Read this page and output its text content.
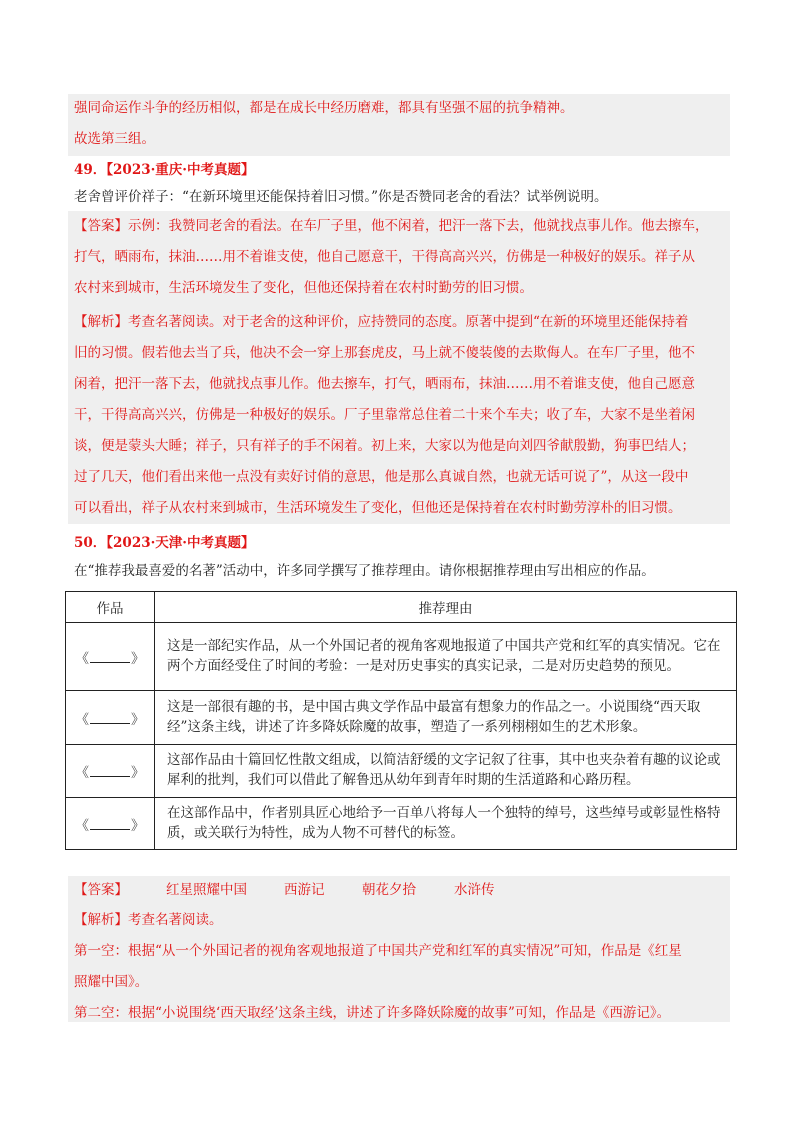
强同命运作斗争的经历相似，都是在成长中经历磨难，都具有坚强不屈的抗争精神。
故选第三组。
49．【2023·重庆·中考真题】
老舍曾评价祥子：“在新环境里还能保持着旧习惯。”你是否赞同老舍的看法？试举例说明。
【答案】示例：我赞同老舍的看法。在车厂子里，他不闲着，把汗一落下去，他就找点事儿作。他去擦车，
打气，晒雨布，抹油……用不着谁支使，他自己愿意干，干得高高兴兴，仿佛是一种极好的娱乐。祥子从
农村来到城市，生活环境发生了变化，但他还保持着在农村时勤劳的旧习惯。
【解析】考查名著阅读。对于老舍的这种评价，应持赞同的态度。原著中提到“在新的环境里还能保持着
旧的习惯。假若他去当了兵，他决不会一穿上那套虎皮，马上就不傻装傻的去欺侮人。在车厂子里，他不
闲着，把汗一落下去，他就找点事儿作。他去擦车，打气，晒雨布，抹油……用不着谁支使，他自己愿意
干，干得高高兴兴，仿佛是一种极好的娱乐。厂子里靠常总住着二十来个车夫；收了车，大家不是坐着闲
谈，便是蒙头大睡；祥子，只有祥子的手不闲着。初上来，大家以为他是向刘四爷献殷勤，狗事巴结人；
过了几天，他们看出来他一点没有卖好讨俏的意思，他是那么真诚自然，也就无话可说了”，从这一段中
可以看出，祥子从农村来到城市，生活环境发生了变化，但他还是保持着在农村时勤劳淳朴的旧习惯。
50．【2023·天津·中考真题】
在“推荐我最喜爱的名著”活动中，许多同学撰写了推荐理由。请你根据推荐理由写出相应的作品。
作品	推荐理由
《 》	这是一部纪实作品，从一个外国记者的视角客观地报道了中国共产党和红军的真实情况。它在两个方面经受住了时间的考验：一是对历史事实的真实记录，二是对历史趋势的预见。
《 》	这是一部很有趣的书，是中国古典文学作品中最富有想象力的作品之一。小说围绕“西天取经”这条主线，讲述了许多降妖除魔的故事，塑造了一系列栩栩如生的艺术形象。
《 》	这部作品由十篇回忆性散文组成，以简洁舒缓的文字记叙了往事，其中也夹杂着有趣的议论或犀利的批判，我们可以借此了解鲁迅从幼年到青年时期的生活道路和心路历程。
《 》	在这部作品中，作者别具匠心地给予一百单八将每人一个独特的绰号，这些绰号或彰显性格特质，或关联行为特性，成为人物不可替代的标签。
【答案】	红星照耀中国	西游记	朝花夕拾	水浒传
【解析】考查名著阅读。
第一空：根据“从一个外国记者的视角客观地报道了中国共产党和红军的真实情况”可知，作品是《红星
照耀中国》。
第二空：根据“小说围绕‘西天取经’这条主线，讲述了许多降妖除魔的故事”可知，作品是《西游记》。
